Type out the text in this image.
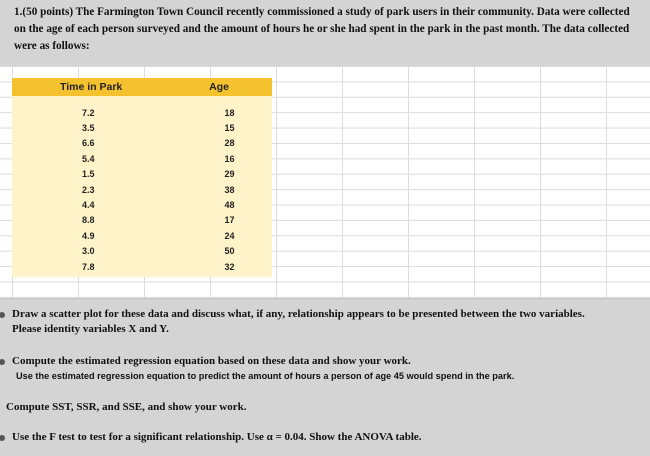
1.(50 points) The Farmington Town Council recently commissioned a study of park users in their community. Data were collected on the age of each person surveyed and the amount of hours he or she had spent in the park in the past month. The data collected were as follows:

Time in Park	Age
7.2	18
3.5	15
6.6	28
5.4	16
1.5	29
2.3	38
4.4	48
8.8	17
4.9	24
3.0	50
7.8	32
Draw a scatter plot for these data and discuss what, if any, relationship appears to be presented between the two variables.
Please identity variables X and Y.
Compute the estimated regression equation based on these data and show your work.
Use the estimated regression equation to predict the amount of hours a person of age 45 would spend in the park.
Compute SST, SSR, and SSE, and show your work.
Use the F test to test for a significant relationship. Use α = 0.04. Show the ANOVA table.
